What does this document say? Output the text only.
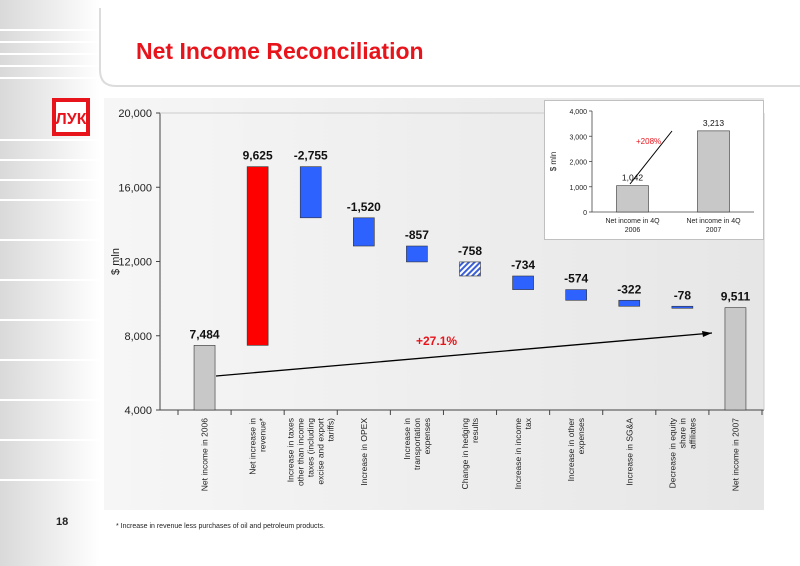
ЛУК
Net Income Reconciliation
4,000
8,000
12,000
16,000
20,000
$ mln
7,484
9,625 -2,755
-1,520
-857
-758
-734
-574
-322	-78 9,511
Net income in 2006	Net increase in revenue* Increase in taxes other than income taxes (including excise and export tariffs)	Increase in OPEX	Increase in transportation expenses	Change in hedging results	Increase in income tax	Increase in other expenses	Increase in SG&A	Decrease in equity share in affiliates	Net income in 2007
+27.1%
0
1,000
2,000
3,000
4,000
$ mln
1,042
3,213
Net income in 4Q
2006
Net income in 4Q
2007
+208%
18	* Increase in revenue less purchases of oil and petroleum products.
